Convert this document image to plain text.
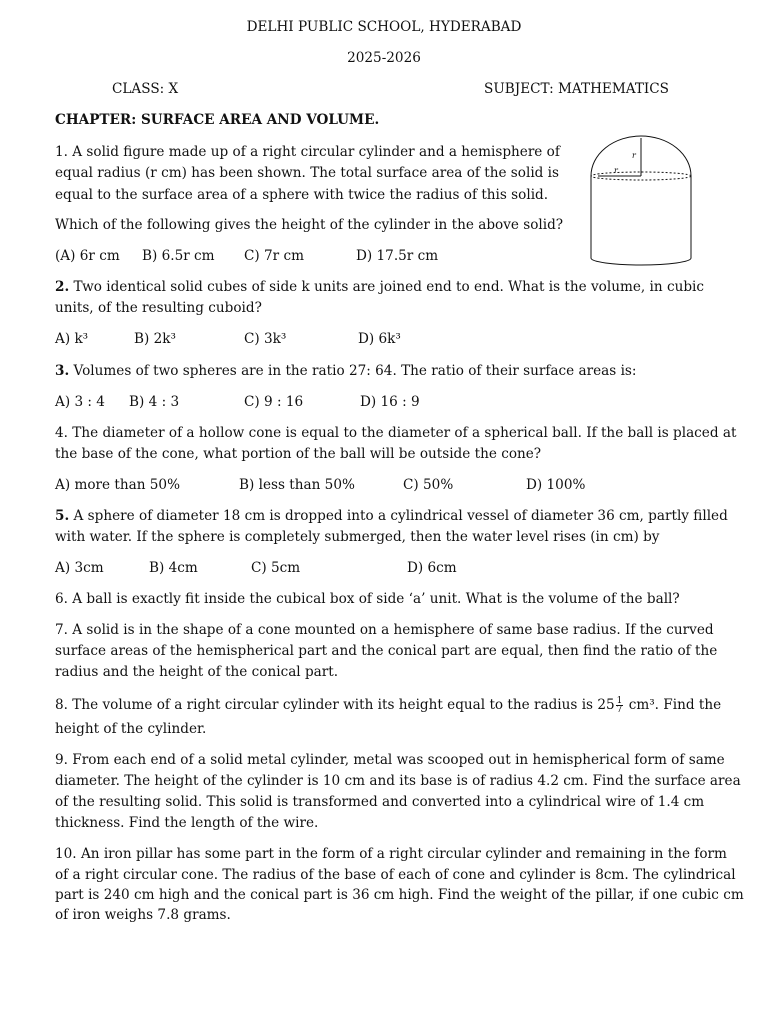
DELHI PUBLIC SCHOOL, HYDERABAD
2025-2026
CLASS: X	SUBJECT: MATHEMATICS
CHAPTER: SURFACE AREA AND VOLUME.
r
r
1. A solid figure made up of a right circular cylinder and a hemisphere of
equal radius (r cm) has been shown. The total surface area of the solid is
equal to the surface area of a sphere with twice the radius of this solid.
Which of the following gives the height of the cylinder in the above solid?
(A) 6r cm B) 6.5r cm C) 7r cm	D) 17.5r cm
2. Two identical solid cubes of side k units are joined end to end. What is the volume, in cubic
units, of the resulting cuboid?
A) k³	B) 2k³	C) 3k³	D) 6k³
3. Volumes of two spheres are in the ratio 27: 64. The ratio of their surface areas is:
A) 3 : 4 B) 4 : 3	C) 9 : 16	D) 16 : 9
4. The diameter of a hollow cone is equal to the diameter of a spherical ball. If the ball is placed at
the base of the cone, what portion of the ball will be outside the cone?
A) more than 50%	B) less than 50%	C) 50%	D) 100%
5. A sphere of diameter 18 cm is dropped into a cylindrical vessel of diameter 36 cm, partly filled
with water. If the sphere is completely submerged, then the water level rises (in cm) by
A) 3cm	B) 4cm	C) 5cm	D) 6cm
6. A ball is exactly fit inside the cubical box of side ‘a’ unit. What is the volume of the ball?
7. A solid is in the shape of a cone mounted on a hemisphere of same base radius. If the curved
surface areas of the hemispherical part and the conical part are equal, then find the ratio of the
radius and the height of the conical part.
8. The volume of a right circular cylinder with its height equal to the radius is $25 \frac{1}{7} cm^3$. Find the
height of the cylinder.
9. From each end of a solid metal cylinder, metal was scooped out in hemispherical form of same
diameter. The height of the cylinder is 10 cm and its base is of radius 4.2 cm. Find the surface area
of the resulting solid. This solid is transformed and converted into a cylindrical wire of 1.4 cm
thickness. Find the length of the wire.
10. An iron pillar has some part in the form of a right circular cylinder and remaining in the form
of a right circular cone. The radius of the base of each of cone and cylinder is 8cm. The cylindrical
part is 240 cm high and the conical part is 36 cm high. Find the weight of the pillar, if one cubic cm
of iron weighs 7.8 grams.
